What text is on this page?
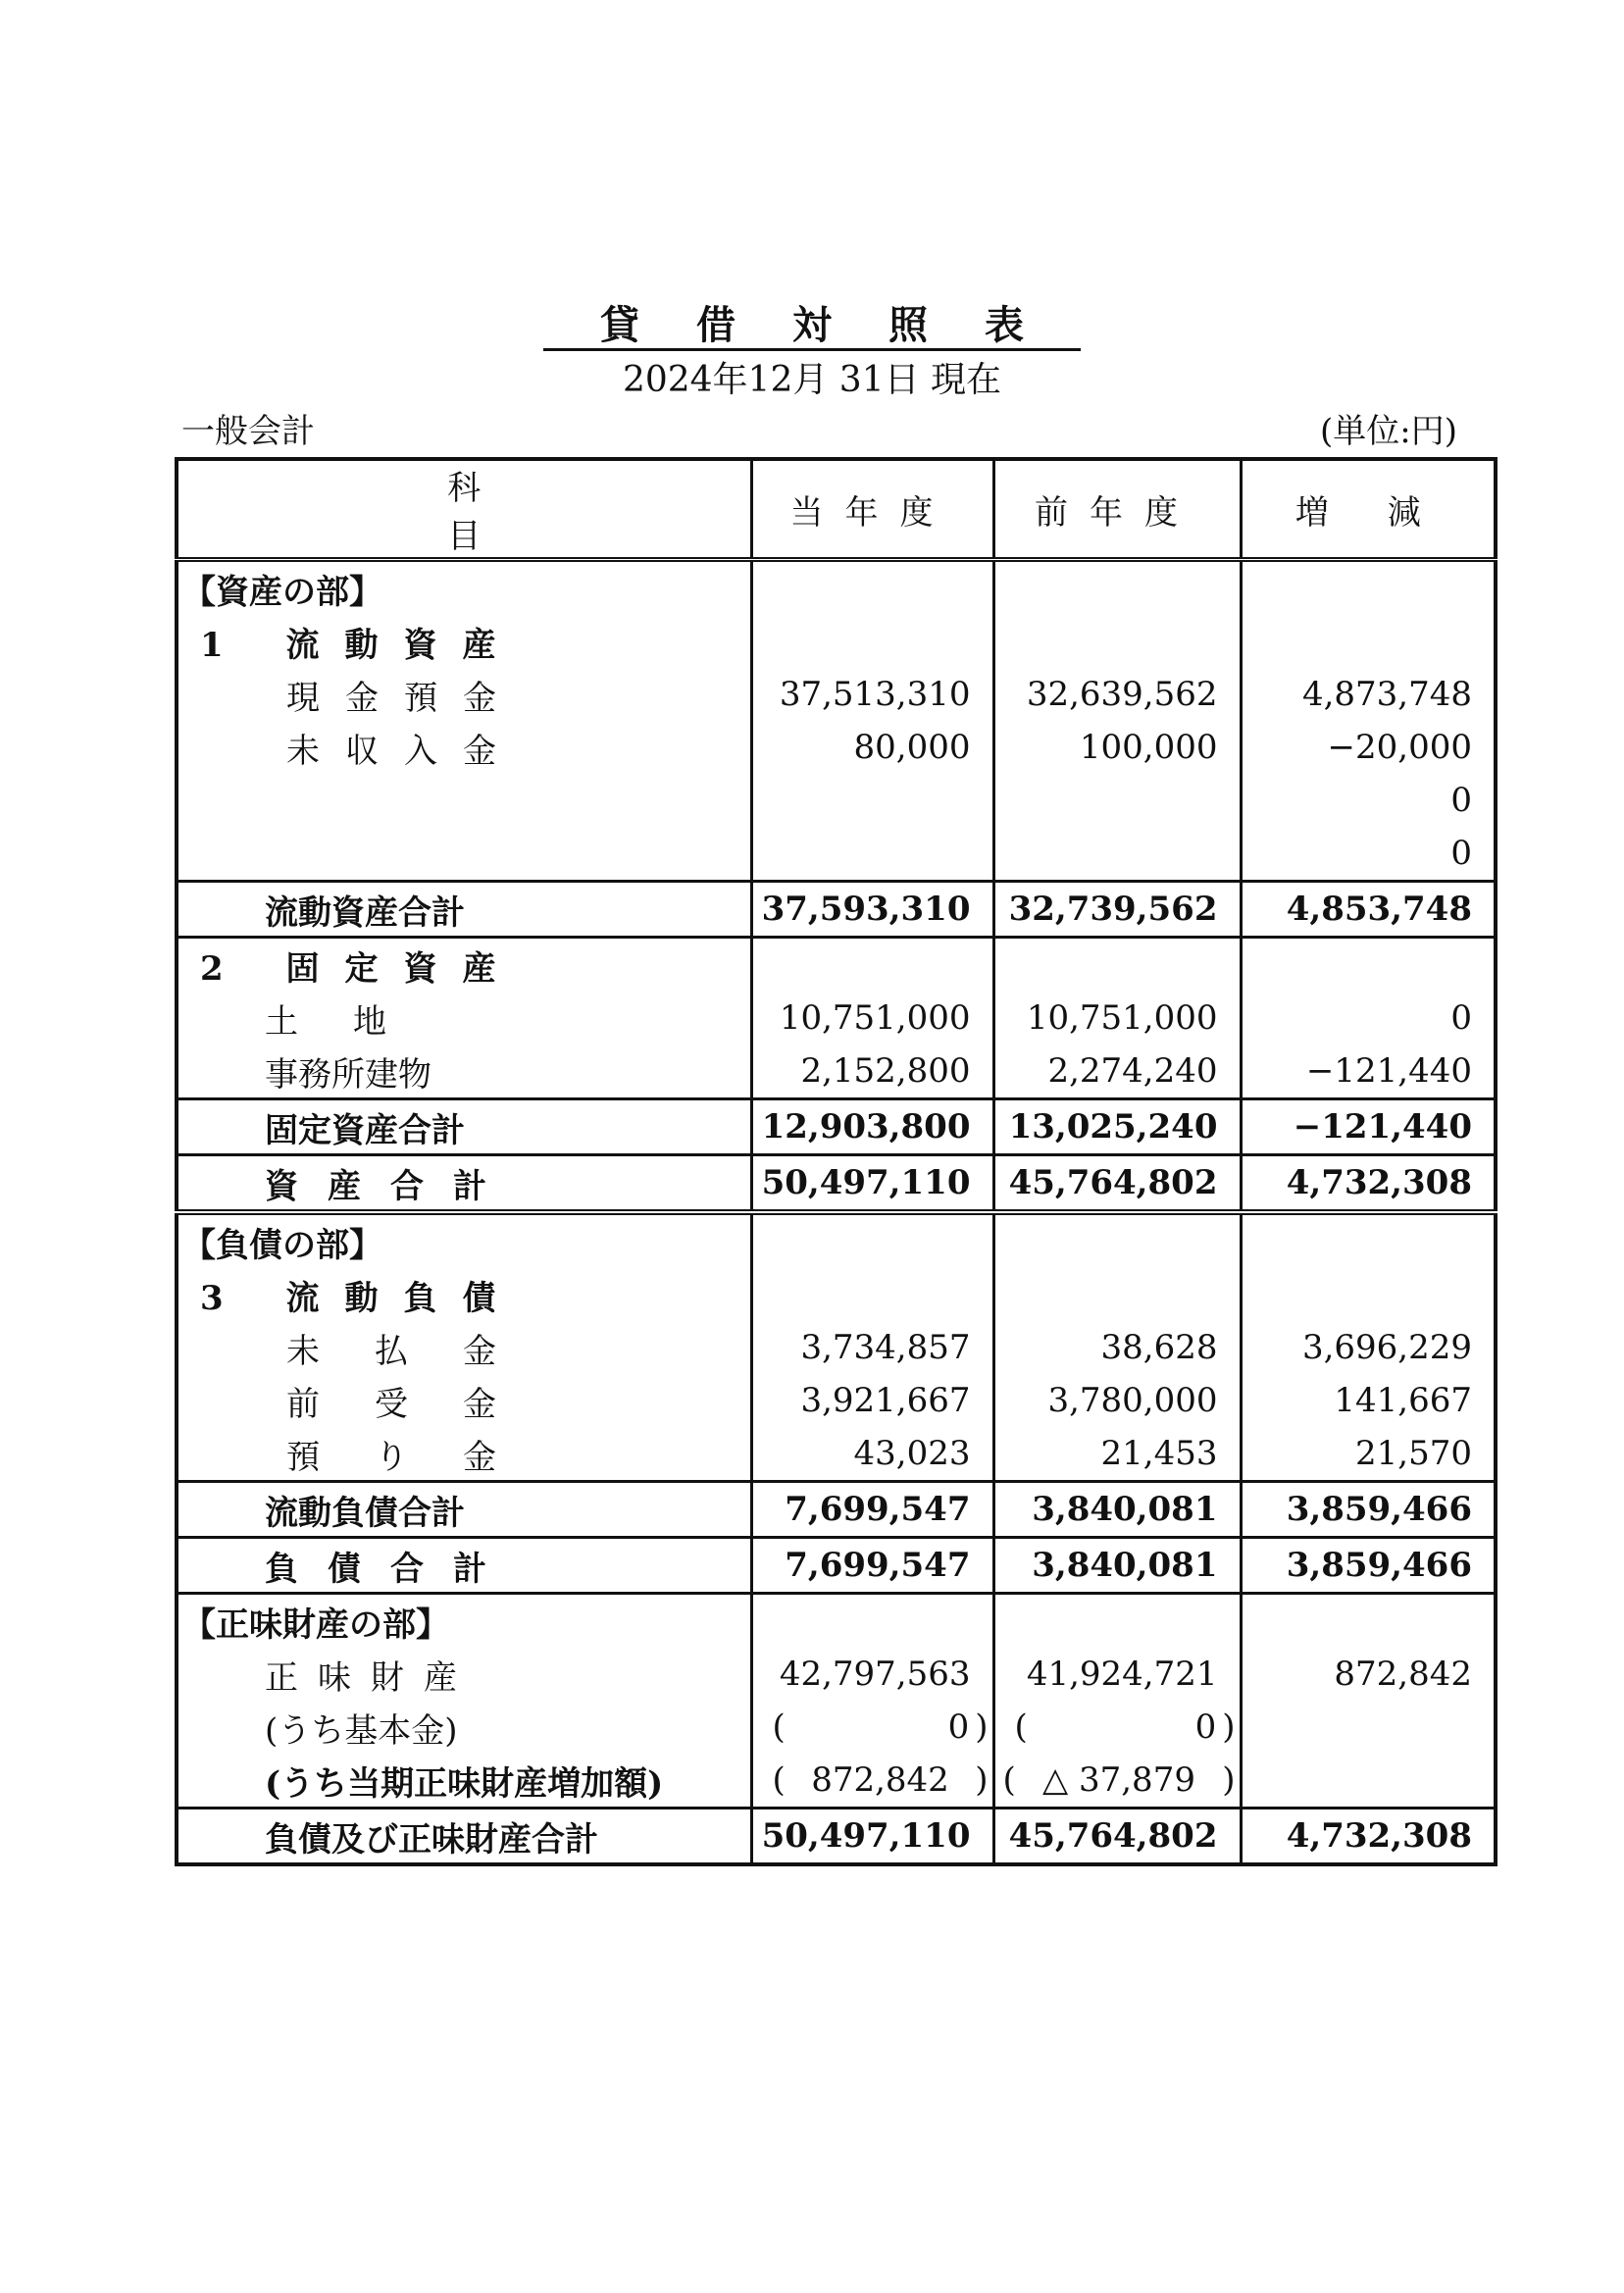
貸借対照表
2024年12月 31日 現在
一般会計	(単位:円)
科目	当年度	前年度	増減
【資産の部】			
1 流動資産			
現金預金	37,513,310	32,639,562	4,873,748
未収入金	80,000	100,000	−20,000
			0
			0
流動資産合計	37,593,310	32,739,562	4,853,748
2 固定資産			
土地	10,751,000	10,751,000	0
事務所建物	2,152,800	2,274,240	−121,440
固定資産合計	12,903,800	13,025,240	−121,440
資産合計	50,497,110	45,764,802	4,732,308
【負債の部】			
3 流動負債			
未払金	3,734,857	38,628	3,696,229
前受金	3,921,667	3,780,000	141,667
預り金	43,023	21,453	21,570
流動負債合計	7,699,547	3,840,081	3,859,466
負債合計	7,699,547	3,840,081	3,859,466
【正味財産の部】			
正味財産	42,797,563	41,924,721	872,842
(うち基本金)	( 0 )	( 0 )	

(うち当期正味財産増加額)	( 872,842 )	( △ 37,879 )	

負債及び正味財産合計	50,497,110	45,764,802	4,732,308
